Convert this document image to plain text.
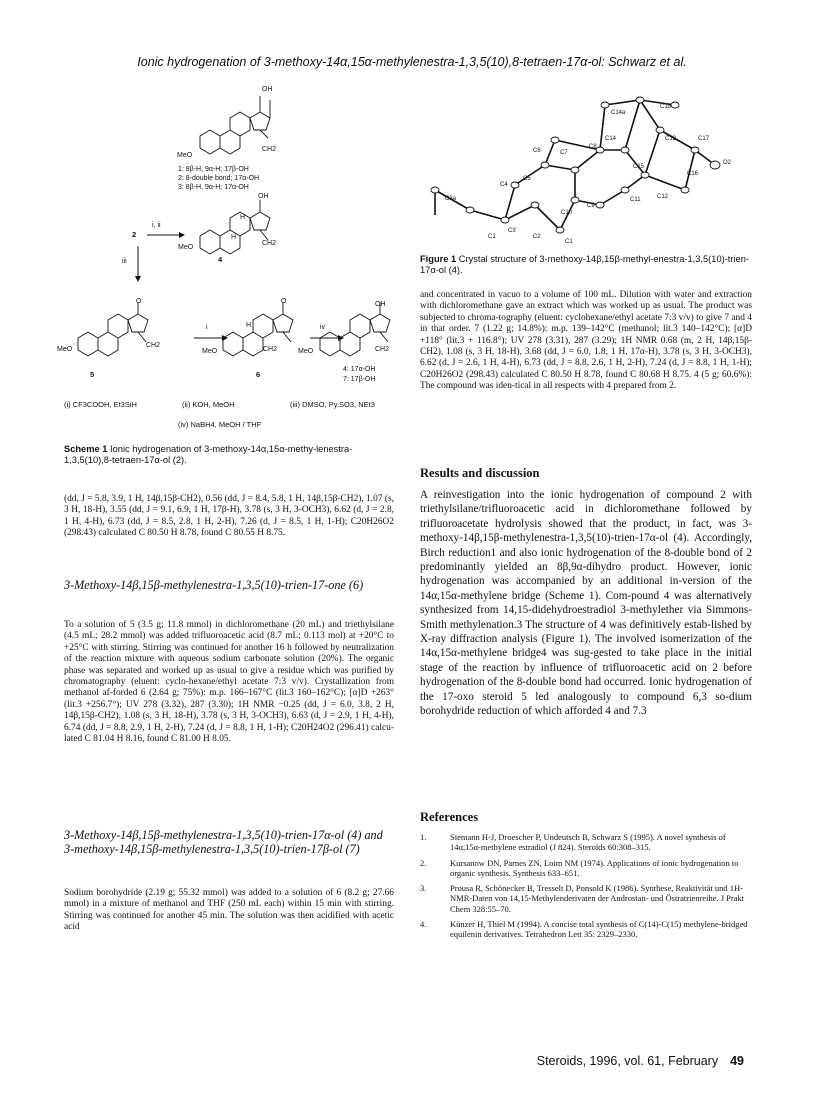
Ionic hydrogenation of 3-methoxy-14α,15α-methylenestra-1,3,5(10),8-tetraen-17α-ol: Schwarz et al.
OH
MeO
CH2
1: 8β-H, 9α-H; 17β-OH
2: 8-double bond; 17α-OH
3: 8β-H, 9α-H; 17α-OH
OH
H
H
MeO
CH2
4
2
i, ii
iii
O
MeO
CH2
5
i
O
MeO	CH2
H
6
iv
OH
MeO	CH2
4: 17α-OH
7: 17β-OH
(i) CF3COOH, Et3SiH	(ii) KOH, MeOH	(iii) DMSO, Py.SO3, NEt3
(iv) NaBH4, MeOH / THF
Scheme 1 Ionic hydrogenation of 3-methoxy-14α,15α-methy-lenestra-1,3,5(10),8-tetraen-17α-ol (2).
C14a
C18
C17
O2
C16
C13
C15
C12
C11
C14
C8
C9
C10
C6	C7
C5
C4
C3
C3a
C2
C1
C1
Figure 1 Crystal structure of 3-methoxy-14β,15β-methyl-enestra-1,3,5(10)-trien-17α-ol (4).
(dd, J = 5.8, 3.9, 1 H, 14β,15β-CH2), 0.56 (dd, J = 8.4, 5.8, 1 H, 14β,15β-CH2), 1.07 (s, 3 H, 18-H), 3.55 (dd, J = 9.1, 6.9, 1 H, 17β-H), 3.78 (s, 3 H, 3-OCH3), 6.62 (d, J = 2.8, 1 H, 4-H), 6.73 (dd, J = 8.5, 2.8, 1 H, 2-H), 7.26 (d, J = 8.5, 1 H, 1-H); C20H26O2 (298.43) calculated C 80.50 H 8.78, found C 80.55 H 8.75.
3-Methoxy-14β,15β-methylenestra-1,3,5(10)-trien-17-one (6)
To a solution of 5 (3.5 g; 11.8 mmol) in dichloromethane (20 mL) and triethylsilane (4.5 mL; 28.2 mmol) was added trifluoroacetic acid (8.7 mL; 0.113 mol) at +20°C to +25°C with stirring. Stirring was continued for another 16 h followed by neutralization of the reaction mixture with aqueous sodium carbonate solution (20%). The organic phase was separated and worked up as usual to give a residue which was purified by chromatography (eluent: cyclo-hexane/ethyl acetate 7:3 v/v). Crystallization from methanol af-forded 6 (2.64 g; 75%): m.p. 166–167°C (lit.3 160–162°C); [α]D +263° (lit.3 +256.7°); UV 278 (3.32), 287 (3.30); 1H NMR −0.25 (dd, J = 6.0, 3.8, 2 H, 14β,15β-CH2), 1.08 (s, 3 H, 18-H), 3.78 (s, 3 H, 3-OCH3), 6.63 (d, J = 2.9, 1 H, 4-H), 6.74 (dd, J = 8.8, 2.9, 1 H, 2-H), 7.24 (d, J = 8.8, 1 H, 1-H); C20H24O2 (296.41) calcu-lated C 81.04 H 8.16, found C 81.00 H 8.05.
3-Methoxy-14β,15β-methylenestra-1,3,5(10)-trien-17α-ol (4) and 3-methoxy-14β,15β-methylenestra-1,3,5(10)-trien-17β-ol (7)
Sodium borohydride (2.19 g; 55.32 mmol) was added to a solution of 6 (8.2 g; 27.66 mmol) in a mixture of methanol and THF (250 mL each) within 15 min with stirring. Stirring was continued for another 45 min. The solution was then acidified with acetic acid
and concentrated in vacuo to a volume of 100 mL. Dilution with water and extraction with dichloromethane gave an extract which was worked up as usual. The product was subjected to chroma-tography (eluent: cyclohexane/ethyl acetate 7:3 v/v) to give 7 and 4 in that order. 7 (1.22 g; 14.8%): m.p. 139–142°C (methanol; lit.3 140–142°C); [α]D +118° (lit.3 + 116.8°); UV 278 (3.31), 287 (3.29); 1H NMR 0.68 (m, 2 H, 14β,15β-CH2), 1.08 (s, 3 H, 18-H), 3.68 (dd, J = 6.0, 1.8, 1 H, 17α-H), 3.78 (s, 3 H, 3-OCH3), 6.62 (d, J = 2.6, 1 H, 4-H), 6.73 (dd, J = 8.8, 2.6, 1 H, 2-H), 7.24 (d, J = 8.8, 1 H, 1-H); C20H26O2 (298.43) calculated C 80.50 H 8.78, found C 80.68 H 8.75. 4 (5 g; 60.6%): The compound was iden-tical in all respects with 4 prepared from 2.
Results and discussion
A reinvestigation into the ionic hydrogenation of compound 2 with triethylsilane/trifluoroacetic acid in dichloromethane followed by trifluoroacetate hydrolysis showed that the product, in fact, was 3-methoxy-14β,15β-methylenestra-1,3,5(10)-trien-17α-ol (4). Accordingly, Birch reduction1 and also ionic hydrogenation of the 8-double bond of 2 predominantly yielded an 8β,9α-dihydro product. However, ionic hydrogenation was accompanied by an additional in-version of the 14α,15α-methylene bridge (Scheme 1). Com-pound 4 was alternatively synthesized from 14,15-didehydroestradiol 3-methylether via Simmons-Smith methylenation.3 The structure of 4 was definitively estab-lished by X-ray diffraction analysis (Figure 1). The involved isomerization of the 14α,15α-methylene bridge4 was sug-gested to take place in the initial stage of the reaction by influence of trifluoroacetic acid on 2 before hydrogenation of the 8-double bond had occurred. Ionic hydrogenation of the 17-oxo steroid 5 led analogously to compound 6,3 so-dium borohydride reduction of which afforded 4 and 7.3
References
1.	Siemann H-J, Droescher P, Undeutsch B, Schwarz S (1995). A novel synthesis of 14α,15α-methylene estradiol (J 824). Steroids 60:308–315.
2.	Kursanow DN, Parnes ZN, Loim NM (1974). Applications of ionic hydrogenation to organic synthesis. Synthesis 633–651.
3.	Prousa R, Schönecker B, Tresselt D, Ponsold K (1986). Synthese, Reaktivität und 1H-NMR-Daten von 14,15-Methylenderivaten der Androstan- und Östratrienreihe. J Prakt Chem 328:55–70.
4.	Künzer H, Thiel M (1994). A concise total synthesis of C(14)-C(15) methylene-bridged equilenin derivatives. Tetrahedron Lett 35: 2329–2330.
Steroids, 1996, vol. 61, February 49
